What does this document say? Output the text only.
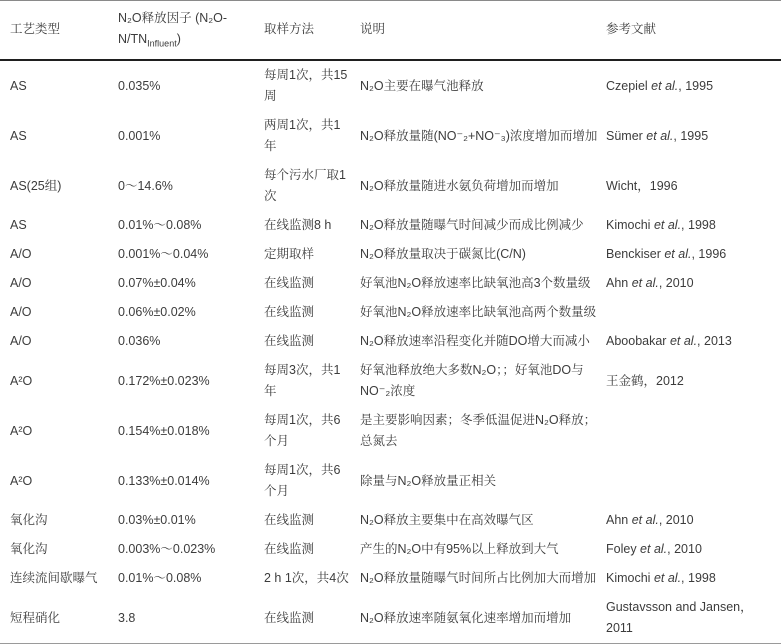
工艺类型	N₂O释放因子 $(N_2O-N/TN_{Influent})$	取样方法	说明	参考文献
AS	0.035%	每周1次，共15周	N₂O主要在曝气池释放	Czepiel et al., 1995
AS	0.001%	两周1次，共1年	N₂O释放量随(NO⁻₂+NO⁻₃)浓度增加而增加	Sümer et al., 1995
AS(25组)	0～14.6%	每个污水厂取1次	N₂O释放量随进水氨负荷增加而增加	Wicht，1996
AS	0.01%～0.08%	在线监测8 h	N₂O释放量随曝气时间减少而成比例减少	Kimochi et al., 1998
A/O	0.001%～0.04%	定期取样	N₂O释放量取决于碳氮比(C/N)	Benckiser et al., 1996
A/O	0.07%±0.04%	在线监测	好氧池N₂O释放速率比缺氧池高3个数量级	Ahn et al., 2010
A/O	0.06%±0.02%	在线监测	好氧池N₂O释放速率比缺氧池高两个数量级	
A/O	0.036%	在线监测	N₂O释放速率沿程变化并随DO增大而减小	Aboobakar et al., 2013
A²O	0.172%±0.023%	每周3次，共1年	好氧池释放绝大多数N₂O；；好氧池DO与NO⁻₂浓度	王金鹤，2012
A²O	0.154%±0.018%	每周1次，共6个月	是主要影响因素；冬季低温促进N₂O释放；总氮去	
A²O	0.133%±0.014%	每周1次，共6个月	除量与N₂O释放量正相关	
氧化沟	0.03%±0.01%	在线监测	N₂O释放主要集中在高效曝气区	Ahn et al., 2010
氧化沟	0.003%～0.023%	在线监测	产生的N₂O中有95%以上释放到大气	Foley et al., 2010
连续流间歇曝气	0.01%～0.08%	2 h 1次，共4次	N₂O释放量随曝气时间所占比例加大而增加	Kimochi et al., 1998
短程硝化	3.8	在线监测	N₂O释放速率随氨氧化速率增加而增加	Gustavsson and Jansen，2011
